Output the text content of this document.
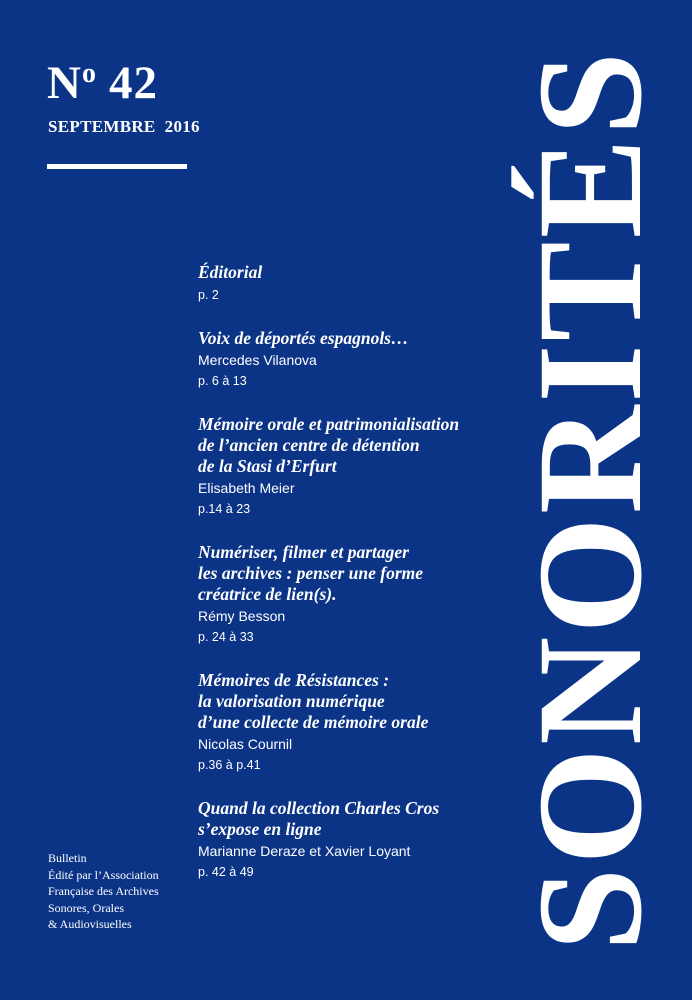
$N^o$ 42
SEPTEMBRE  2016 SONORITÉS
Éditorial
p. 2
Voix de déportés espagnols…
Mercedes Vilanova
p. 6 à 13
Mémoire orale et patrimonialisation
de l’ancien centre de détention
de la Stasi d’Erfurt
Elisabeth Meier
p.14 à 23
Numériser, filmer et partager
les archives : penser une forme
créatrice de lien(s).
Rémy Besson
p. 24 à 33
Mémoires de Résistances :
la valorisation numérique
d’une collecte de mémoire orale
Nicolas Cournil
p.36 à p.41
Quand la collection Charles Cros
s’expose en ligne
Marianne Deraze et Xavier Loyant
p. 42 à 49
Bulletin
Édité par l’Association
Française des Archives
Sonores, Orales
& Audiovisuelles
